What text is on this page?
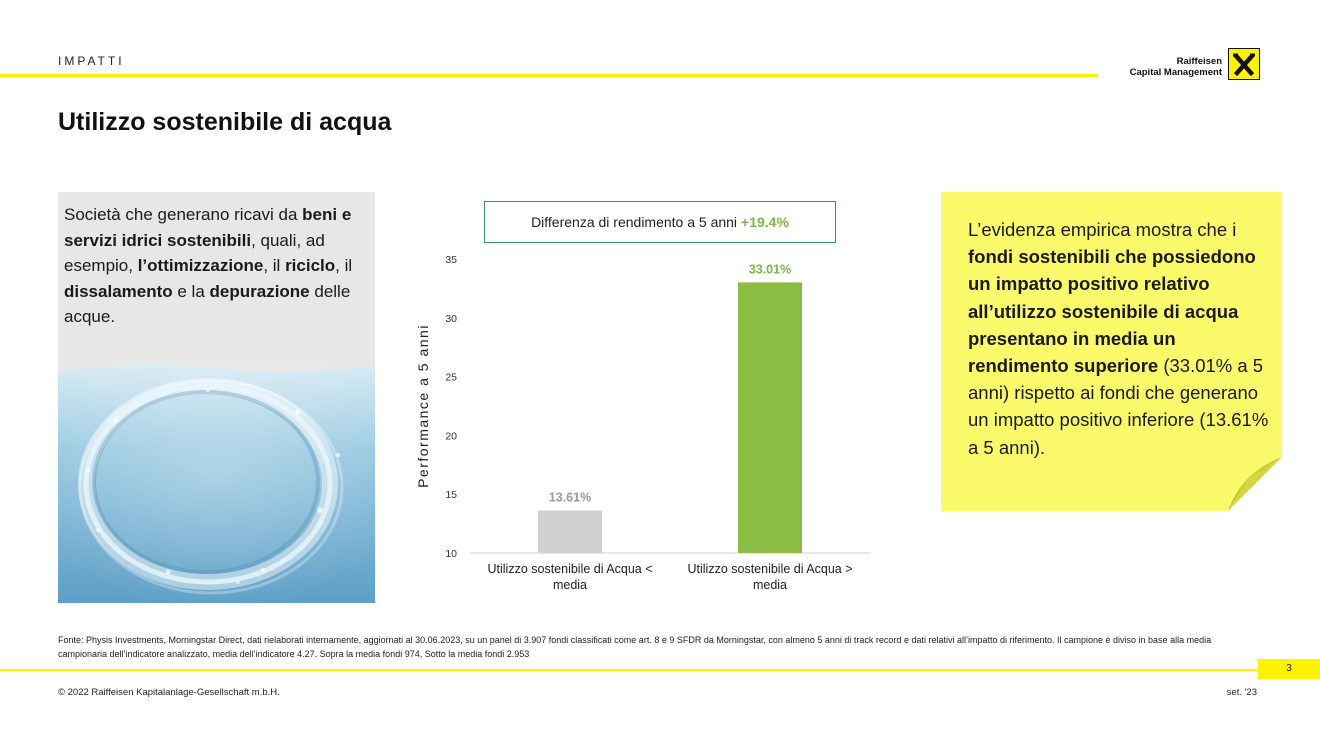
IMPATTI	Raiffeisen
Capital Management
Utilizzo sostenibile di acqua

Società che generano ricavi da beni e servizi idrici sostenibili, quali, ad esempio, l’ottimizzazione, il riciclo, il dissalamento e la depurazione delle acque.

Differenza di rendimento a 5 anni +19.4%
10
15
20
25
30
35
Performance a 5 anni
13.61%
Utilizzo sostenibile di Acqua <
media
33.01%
Utilizzo sostenibile di Acqua >
media

L’evidenza empirica mostra che i fondi sostenibili che possiedono un impatto positivo relativo all’utilizzo sostenibile di acqua presentano in media un rendimento superiore (33.01% a 5 anni) rispetto ai fondi che generano un impatto positivo inferiore (13.61% a 5 anni).

Fonte: Physis Investments, Morningstar Direct, dati rielaborati internamente, aggiornati al 30.06.2023, su un panel di 3.907 fondi classificati come art. 8 e 9 SFDR da Morningstar, con almeno 5 anni di track record e dati relativi all’impatto di riferimento. Il campione è diviso in base alla media campionaria dell’indicatore analizzato, media dell’indicatore 4.27. Sopra la media fondi 974, Sotto la media fondi 2.953
3
© 2022 Raiffeisen Kapitalanlage-Gesellschaft m.b.H.	set. '23
